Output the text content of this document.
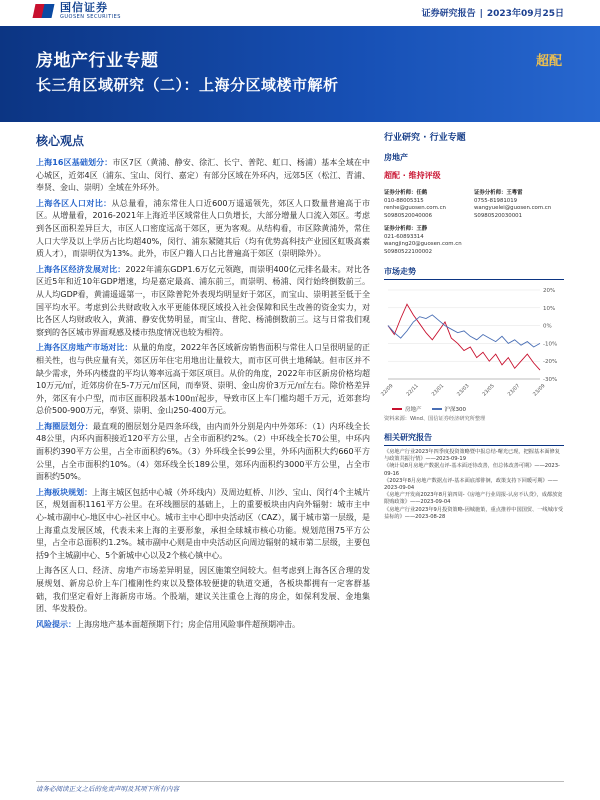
国信证券
GUOSEN SECURITIES	证券研究报告 | 2023年09月25日
房地产行业专题
长三角区域研究（二）：上海分区域楼市解析
超配
核心观点
上海16区基础划分：市区7区（黄浦、静安、徐汇、长宁、普陀、虹口、杨浦）基本全域在中心城区，近郊4区（浦东、宝山、闵行、嘉定）有部分区域在外环内，远郊5区（松江、青浦、奉贤、金山、崇明）全域在外环外。
上海各区人口对比：从总量看，浦东常住人口近600万遥遥领先，郊区人口数量普遍高于市区。从增量看，2016-2021年上海近半区域常住人口负增长，大部分增量人口流入郊区。考虑到各区面积差异巨大，市区人口密度远高于郊区，更为客观。从结构看，市区除黄浦外，常住人口大学及以上学历占比均超40%，闵行、浦东紧随其后（均有优势高科技产业园区虹吸高素质人才），而崇明仅为13%。此外，市区户籍人口占比普遍高于郊区（崇明除外）。
上海各区经济发展对比：2022年浦东GDP1.6万亿元领跑，而崇明400亿元排名最末。对比各区近5年和近10年GDP增速，均是嘉定最高、浦东前三，而崇明、杨浦、闵行始终倒数前三。从人均GDP看，黄浦遥遥第一，市区除普陀外表现均明显好于郊区，而宝山、崇明甚至低于全国平均水平。考虑到公共财政收入水平更能体现区域投入社会保障和民生改善的资金实力，对比各区人均财政收入，黄浦、静安优势明显，而宝山、普陀、杨浦倒数前三。这与日常我们观察到的各区城市界面观感及楼市热度情况也较为相符。
上海各区房地产市场对比：从量的角度，2022年各区域新房销售面积与常住人口呈很明显的正相关性，也与供应量有关，郊区历年住宅用地出让量较大，而市区可供土地稀缺。但市区并不缺少需求，外环内楼盘的平均认筹率远高于郊区项目。从价的角度，2022年市区新房价格均超10万元/㎡，近郊房价在5-7万元/㎡区间，而奉贤、崇明、金山房价3万元/㎡左右。除价格差异外，郊区有小户型，而市区面积段基本100㎡起步，导致市区上车门槛均超千万元，近郊套均总价500-900万元，奉贤、崇明、金山250-400万元。
上海圈层划分：最直观的圈层划分是四条环线，由内而外分别是内中外郊环：（1）内环线全长48公里，内环内面积接近120平方公里，占全市面积约2%。（2）中环线全长70公里，中环内面积约390平方公里，占全市面积约6%。（3）外环线全长99公里，外环内面积大约660平方公里，占全市面积约10%。（4）郊环线全长189公里，郊环内面积约3000平方公里，占全市面积约50%。
上海板块规划：上海主城区包括中心城（外环线内）及周边虹桥、川沙、宝山、闵行4个主城片区，规划面积1161平方公里。在环线圈层的基础上，上的重要板块由内向外辐射：城市主中心-城市副中心-地区中心-社区中心。城市主中心即中央活动区（CAZ），属于城市第一层级，是上海重点发展区域，代表未来上海的主要形象，承担全球城市核心功能。规划范围75平方公里，占全市总面积约1.2%。城市副中心则是由中央活动区向周边辐射的城市第二层级，主要包括9个主城副中心、5个新城中心以及2个核心镇中心。
上海各区人口、经济、房地产市场差异明显，因区施策空间较大。但考虑到上海各区合理的发展规划、新房总价上车门槛刚性约束以及整体较便捷的轨道交通，各板块都拥有一定客群基础，我们坚定看好上海新房市场。个股端，建议关注重仓上海的房企，如保利发展、金地集团、华发股份。
风险提示：上海房地产基本面超预期下行；房企信用风险事件超预期冲击。
行业研究 · 行业专题
房地产
超配 · 维持评级
证券分析师：任鹤
010-88005315
renhe@guosen.com.cn
S0980520040006
证券分析师：王粤雷
0755-81981019
wangyuelei@guosen.com.cn
S0980520030001
证券分析师：王静
021-60893314
wangjing20@guosen.com.cn
S0980522100002
市场走势
20%
10%
0%
-10%
-20%
-30%
22/09 22/11 23/01 23/03 23/05 23/07 23/09
房地产	沪深300
资料来源：Wind、国信证券经济研究所整理
相关研究报告
《房地产行业2023年四季度投资策略暨中报总结-曙光已现，把握基本面修复与政策共振行情》——2023-09-19
《统计局8月房地产数据点评-基本面还待改善，但总体改善可期》——2023-09-16
《2023年8月房地产数据点评-基本面底部徘徊，政策支持下回暖可期》——2023-09-04
《房地产开发商2023年8月第四周-《房地产行业周报-认房不认贷》，成都放宽限购政策》——2023-09-04
《房地产行业2023年9月投资策略-因城施策，重点推荐中国国贸、一线城市受益标的》——2023-08-28
请务必阅读正文之后的免责声明及其项下所有内容
